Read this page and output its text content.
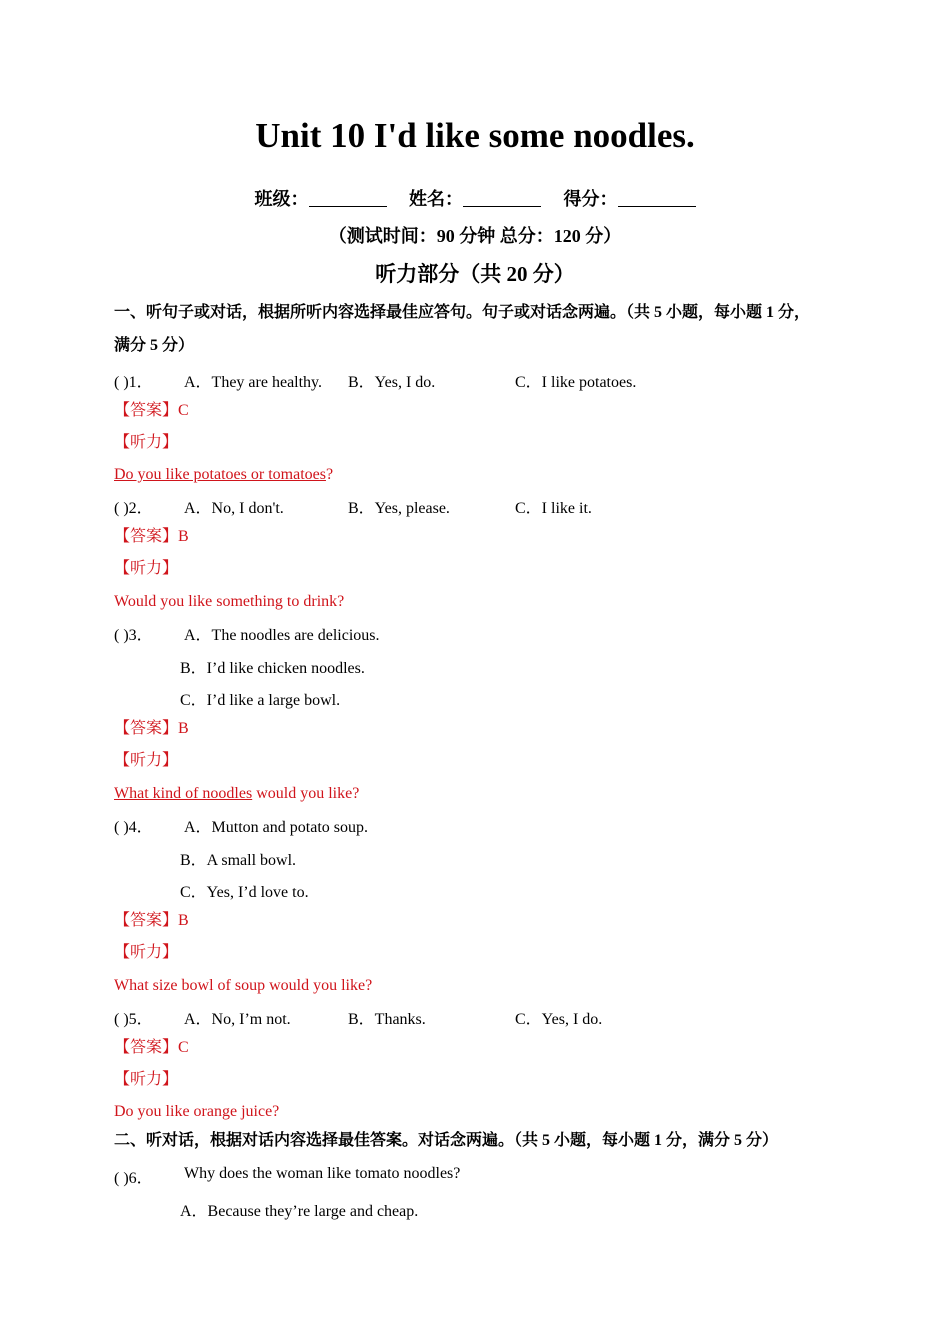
Unit 10 I'd like some noodles.
班级：	姓名：	得分：
（测试时间：90 分钟 总分：120 分）
听力部分（共 20 分）
一、听句子或对话，根据所听内容选择最佳应答句。句子或对话念两遍。（共 5 小题，每小题 1 分，
满分 5 分）
( )1． A．They are healthy. B．Yes, I do.	C．I like potatoes.
【答案】C
【听力】
Do you like potatoes or tomatoes?
( )2． A．No, I don't.	B．Yes, please.	C．I like it.
【答案】B
【听力】
Would you like something to drink?
( )3． A．The noodles are delicious.
B．I’d like chicken noodles.
C．I’d like a large bowl.
【答案】B
【听力】
What kind of noodles would you like?
( )4． A．Mutton and potato soup.
B．A small bowl.
C．Yes, I’d love to.
【答案】B
【听力】
What size bowl of soup would you like?
( )5． A．No, I’m not.	B．Thanks.	C．Yes, I do.
【答案】C
【听力】
Do you like orange juice?
二、听对话，根据对话内容选择最佳答案。对话念两遍。（共 5 小题，每小题 1 分，满分 5 分）
( )6． Why does the woman like tomato noodles?
A．Because they’re large and cheap.
